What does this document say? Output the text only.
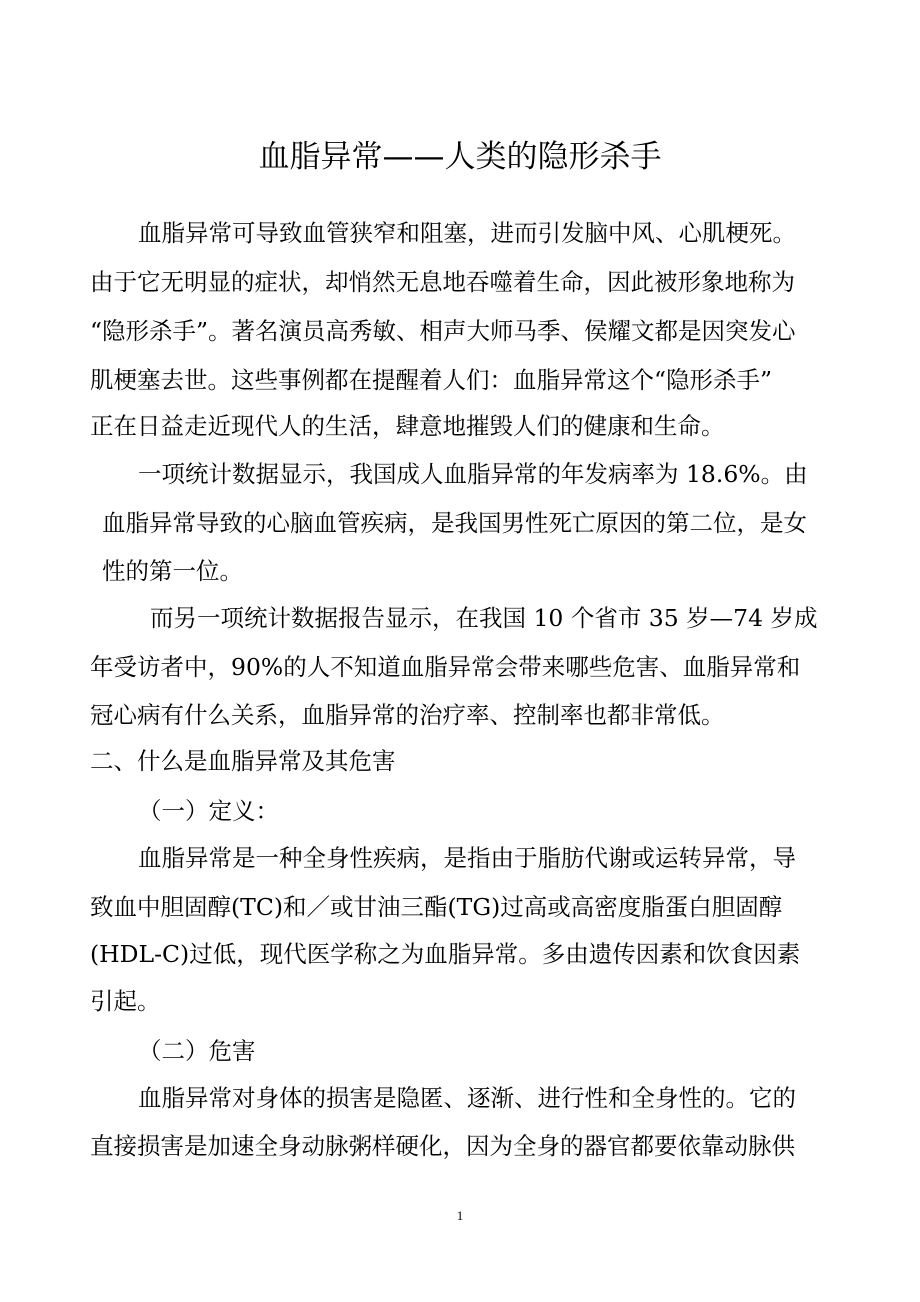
血脂异常——人类的隐形杀手
血脂异常可导致血管狭窄和阻塞，进而引发脑中风、心肌梗死。
由于它无明显的症状，却悄然无息地吞噬着生命，因此被形象地称为
“隐形杀手”。著名演员高秀敏、相声大师马季、侯耀文都是因突发心
肌梗塞去世。这些事例都在提醒着人们：血脂异常这个“隐形杀手”
正在日益走近现代人的生活，肆意地摧毁人们的健康和生命。
一项统计数据显示，我国成人血脂异常的年发病率为 18.6%。由
血脂异常导致的心脑血管疾病，是我国男性死亡原因的第二位，是女
性的第一位。
而另一项统计数据报告显示，在我国 10 个省市 35 岁—74 岁成
年受访者中，90%的人不知道血脂异常会带来哪些危害、血脂异常和
冠心病有什么关系，血脂异常的治疗率、控制率也都非常低。
二、什么是血脂异常及其危害
（一）定义：
血脂异常是一种全身性疾病，是指由于脂肪代谢或运转异常，导
致血中胆固醇(TC)和／或甘油三酯(TG)过高或高密度脂蛋白胆固醇
(HDL-C)过低，现代医学称之为血脂异常。多由遗传因素和饮食因素
引起。
（二）危害
血脂异常对身体的损害是隐匿、逐渐、进行性和全身性的。它的
直接损害是加速全身动脉粥样硬化，因为全身的器官都要依靠动脉供
1
